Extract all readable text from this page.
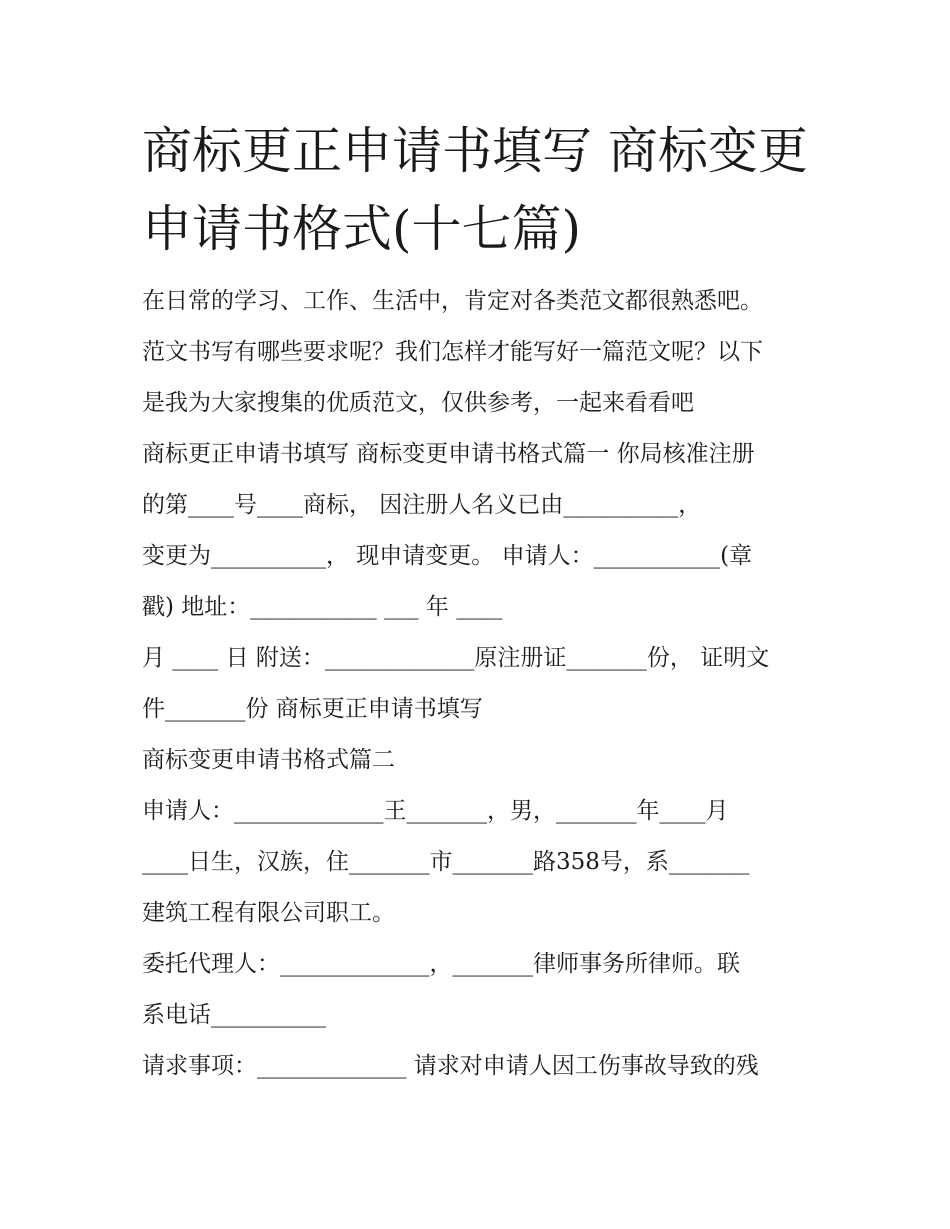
商标更正申请书填写 商标变更
申请书格式(十七篇)
在日常的学习、工作、生活中，肯定对各类范文都很熟悉吧。
范文书写有哪些要求呢？我们怎样才能写好一篇范文呢？以下
是我为大家搜集的优质范文，仅供参考，一起来看看吧
商标更正申请书填写 商标变更申请书格式篇一 你局核准注册
的第____号____商标， 因注册人名义已由__________，
变更为__________， 现申请变更。 申请人：___________(章
戳) 地址：___________ ___ 年 ____
月 ____ 日 附送：_____________原注册证_______份， 证明文
件_______份 商标更正申请书填写
商标变更申请书格式篇二
申请人：_____________王_______，男，_______年____月
____日生，汉族，住_______市_______路358号，系_______
建筑工程有限公司职工。
委托代理人：_____________，_______律师事务所律师。联
系电话__________
请求事项：_____________ 请求对申请人因工伤事故导致的残
